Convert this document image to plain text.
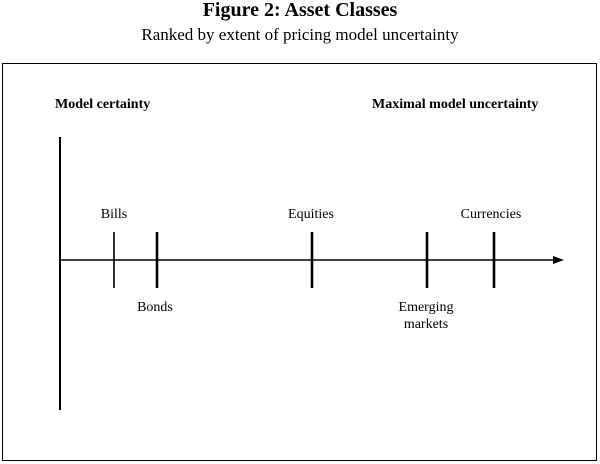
Figure 2: Asset Classes
Ranked by extent of pricing model uncertainty
Model certainty	Maximal model uncertainty
Bills
Bonds
Equities
Emerging
markets
Currencies
